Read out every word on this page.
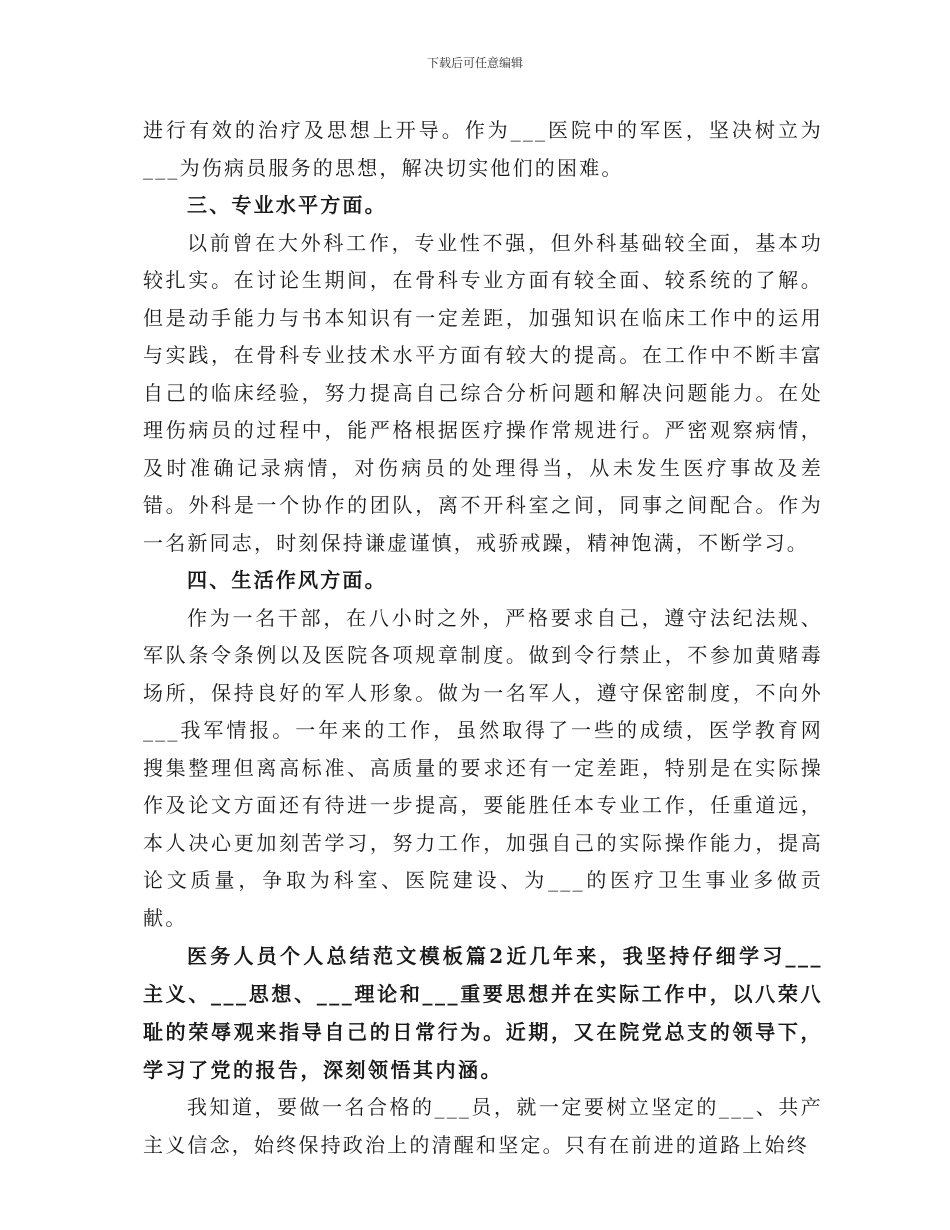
下载后可任意编辑

进行有效的治疗及思想上开导。作为___医院中的军医，坚决树立为___为伤病员服务的思想，解决切实他们的困难。

三、专业水平方面。

以前曾在大外科工作，专业性不强，但外科基础较全面，基本功较扎实。在讨论生期间，在骨科专业方面有较全面、较系统的了解。但是动手能力与书本知识有一定差距，加强知识在临床工作中的运用与实践，在骨科专业技术水平方面有较大的提高。在工作中不断丰富自己的临床经验，努力提高自己综合分析问题和解决问题能力。在处理伤病员的过程中，能严格根据医疗操作常规进行。严密观察病情，及时准确记录病情，对伤病员的处理得当，从未发生医疗事故及差错。外科是一个协作的团队，离不开科室之间，同事之间配合。作为一名新同志，时刻保持谦虚谨慎，戒骄戒躁，精神饱满，不断学习。

四、生活作风方面。

作为一名干部，在八小时之外，严格要求自己，遵守法纪法规、军队条令条例以及医院各项规章制度。做到令行禁止，不参加黄赌毒场所，保持良好的军人形象。做为一名军人，遵守保密制度，不向外___我军情报。一年来的工作，虽然取得了一些的成绩，医学教育网搜集整理但离高标准、高质量的要求还有一定差距，特别是在实际操作及论文方面还有待进一步提高，要能胜任本专业工作，任重道远，本人决心更加刻苦学习，努力工作，加强自己的实际操作能力，提高论文质量，争取为科室、医院建设、为___的医疗卫生事业多做贡献。

医务人员个人总结范文模板篇2近几年来，我坚持仔细学习___主义、___思想、___理论和___重要思想并在实际工作中，以八荣八耻的荣辱观来指导自己的日常行为。近期，又在院党总支的领导下，学习了党的报告，深刻领悟其内涵。

我知道，要做一名合格的___员，就一定要树立坚定的___、共产主义信念，始终保持政治上的清醒和坚定。只有在前进的道路上始终
